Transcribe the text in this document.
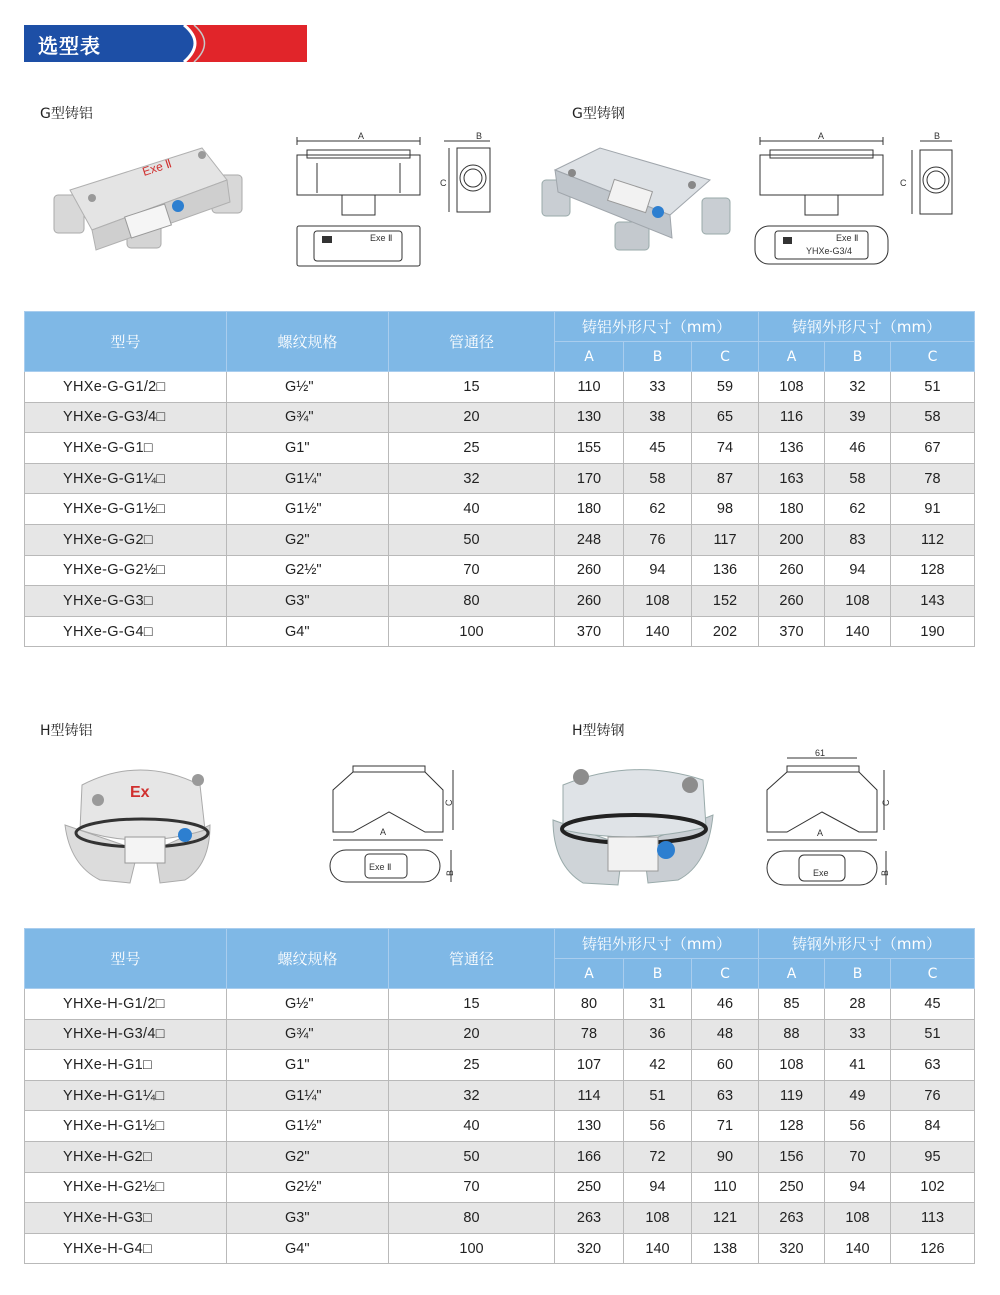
选型表
G型铸铝	G型铸钢
Exe Ⅱ
A
Exe Ⅱ
B
C
A
Exe Ⅱ
YHXe-G3/4
B
C
型号	螺纹规格	管通径	铸铝外形尺寸（mm）			铸钢外形尺寸（mm）		
			A	B	C	A	B	C
YHXe-G-G1/2□	G½"	15	110	33	59	108	32	51
YHXe-G-G3/4□	G¾"	20	130	38	65	116	39	58
YHXe-G-G1□	G1"	25	155	45	74	136	46	67
YHXe-G-G1¼□	G1¼"	32	170	58	87	163	58	78
YHXe-G-G1½□	G1½"	40	180	62	98	180	62	91
YHXe-G-G2□	G2"	50	248	76	117	200	83	112
YHXe-G-G2½□	G2½"	70	260	94	136	260	94	128
YHXe-G-G3□	G3"	80	260	108	152	260	108	143
YHXe-G-G4□	G4"	100	370	140	202	370	140	190
H型铸铝	H型铸钢
Ex
A
C
Exe Ⅱ
B
61
A
C
Exe	B
型号	螺纹规格	管通径	铸铝外形尺寸（mm）			铸钢外形尺寸（mm）		
			A	B	C	A	B	C
YHXe-H-G1/2□	G½"	15	80	31	46	85	28	45
YHXe-H-G3/4□	G¾"	20	78	36	48	88	33	51
YHXe-H-G1□	G1"	25	107	42	60	108	41	63
YHXe-H-G1¼□	G1¼"	32	114	51	63	119	49	76
YHXe-H-G1½□	G1½"	40	130	56	71	128	56	84
YHXe-H-G2□	G2"	50	166	72	90	156	70	95
YHXe-H-G2½□	G2½"	70	250	94	110	250	94	102
YHXe-H-G3□	G3"	80	263	108	121	263	108	113
YHXe-H-G4□	G4"	100	320	140	138	320	140	126
